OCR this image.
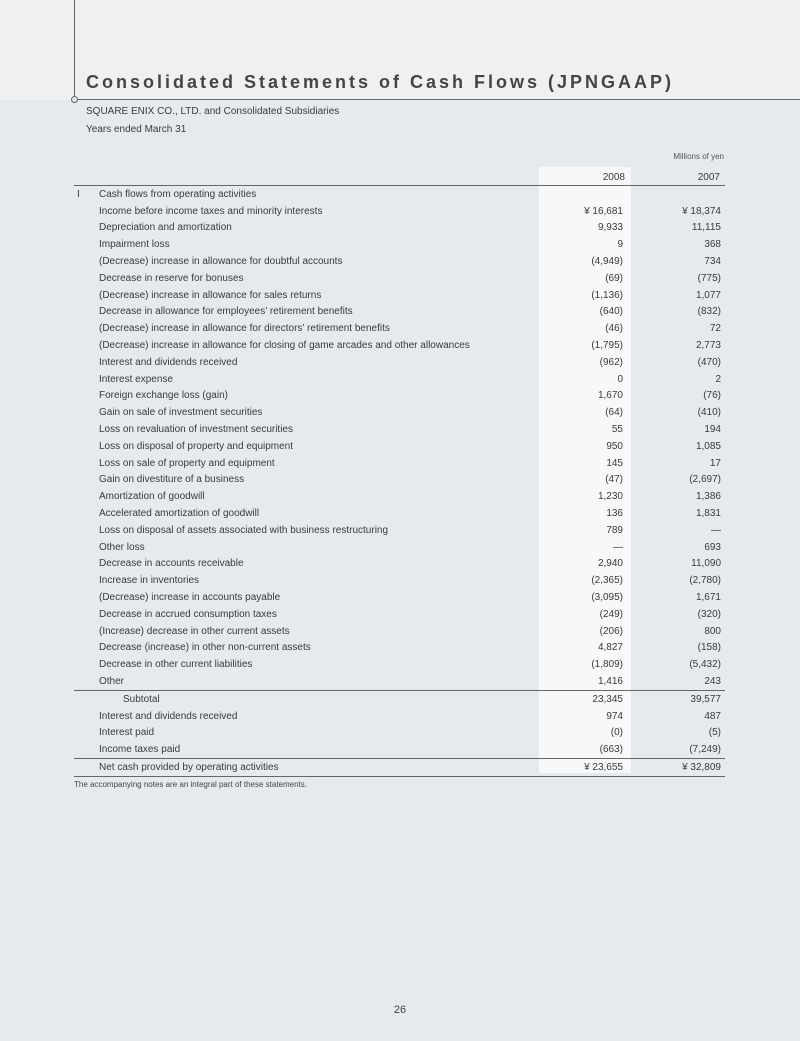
Consolidated Statements of Cash Flows (JPNGAAP)
SQUARE ENIX CO., LTD. and Consolidated Subsidiaries
Years ended March 31
Millions of yen
2008	2007
I	Cash flows from operating activities		
	Income before income taxes and minority interests	¥ 16,681	¥ 18,374
	Depreciation and amortization	9,933	11,115
	Impairment loss	9	368
	(Decrease) increase in allowance for doubtful accounts	(4,949)	734
	Decrease in reserve for bonuses	(69)	(775)
	(Decrease) increase in allowance for sales returns	(1,136)	1,077
	Decrease in allowance for employees’ retirement benefits	(640)	(832)
	(Decrease) increase in allowance for directors’ retirement benefits	(46)	72
	(Decrease) increase in allowance for closing of game arcades and other allowances	(1,795)	2,773
	Interest and dividends received	(962)	(470)
	Interest expense	0	2
	Foreign exchange loss (gain)	1,670	(76)
	Gain on sale of investment securities	(64)	(410)
	Loss on revaluation of investment securities	55	194
	Loss on disposal of property and equipment	950	1,085
	Loss on sale of property and equipment	145	17
	Gain on divestiture of a business	(47)	(2,697)
	Amortization of goodwill	1,230	1,386
	Accelerated amortization of goodwill	136	1,831
	Loss on disposal of assets associated with business restructuring	789	—
	Other loss	—	693
	Decrease in accounts receivable	2,940	11,090
	Increase in inventories	(2,365)	(2,780)
	(Decrease) increase in accounts payable	(3,095)	1,671
	Decrease in accrued consumption taxes	(249)	(320)
	(Increase) decrease in other current assets	(206)	800
	Decrease (increase) in other non-current assets	4,827	(158)
	Decrease in other current liabilities	(1,809)	(5,432)
	Other	1,416	243
	Subtotal	23,345	39,577
	Interest and dividends received	974	487
	Interest paid	(0)	(5)
	Income taxes paid	(663)	(7,249)
	Net cash provided by operating activities	¥ 23,655	¥ 32,809
The accompanying notes are an integral part of these statements.
26
